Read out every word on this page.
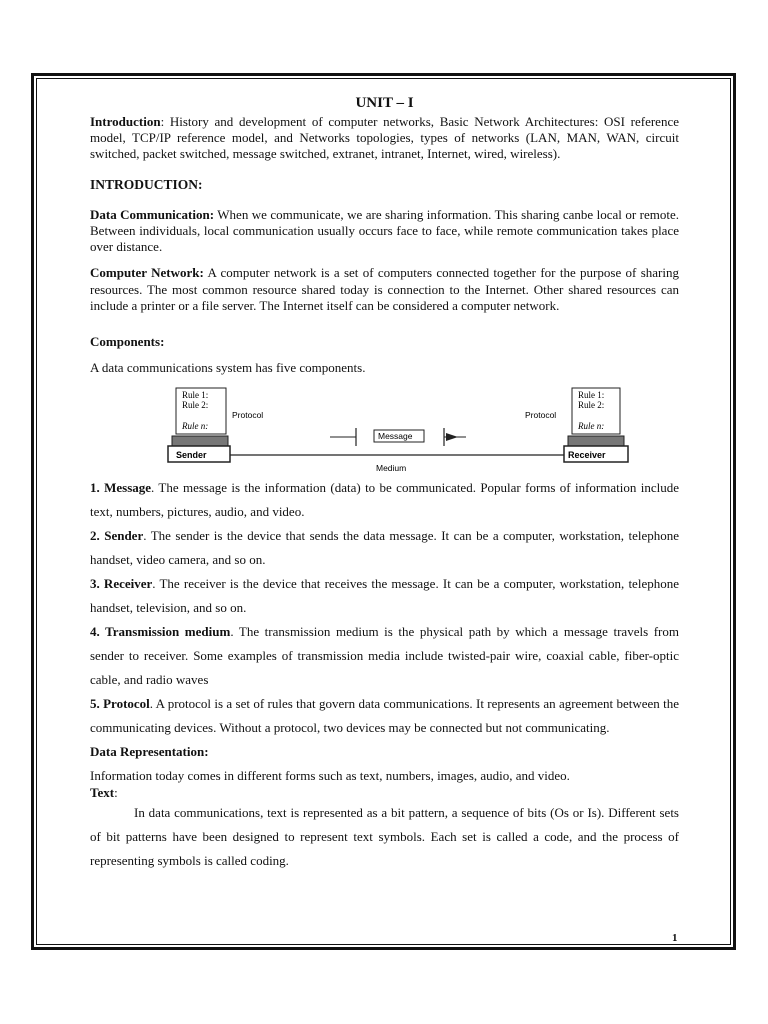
UNIT – I

Introduction: History and development of computer networks, Basic Network Architectures: OSI reference model, TCP/IP reference model, and Networks topologies, types of networks (LAN, MAN, WAN, circuit switched, packet switched, message switched, extranet, intranet, Internet, wired, wireless).

INTRODUCTION:

Data Communication: When we communicate, we are sharing information. This sharing canbe local or remote. Between individuals, local communication usually occurs face to face, while remote communication takes place over distance.

Computer Network: A computer network is a set of computers connected together for the purpose of sharing resources. The most common resource shared today is connection to the Internet. Other shared resources can include a printer or a file server. The Internet itself can be considered a computer network.

Components:

A data communications system has five components.

Rule 1:
Rule 2:
Rule n:
Protocol
Sender
Rule 1:
Rule 2:
Rule n:
Protocol
Receiver
Medium
Message

1. Message. The message is the information (data) to be communicated. Popular forms of information include text, numbers, pictures, audio, and video.

2. Sender. The sender is the device that sends the data message. It can be a computer, workstation, telephone handset, video camera, and so on.

3. Receiver. The receiver is the device that receives the message. It can be a computer, workstation, telephone handset, television, and so on.

4. Transmission medium. The transmission medium is the physical path by which a message travels from sender to receiver. Some examples of transmission media include twisted-pair wire, coaxial cable, fiber-optic cable, and radio waves

5. Protocol. A protocol is a set of rules that govern data communications. It represents an agreement between the communicating devices. Without a protocol, two devices may be connected but not communicating.

Data Representation:

Information today comes in different forms such as text, numbers, images, audio, and video.

Text:

In data communications, text is represented as a bit pattern, a sequence of bits (Os or Is). Different sets of bit patterns have been designed to represent text symbols. Each set is called a code, and the process of representing symbols is called coding.

1
